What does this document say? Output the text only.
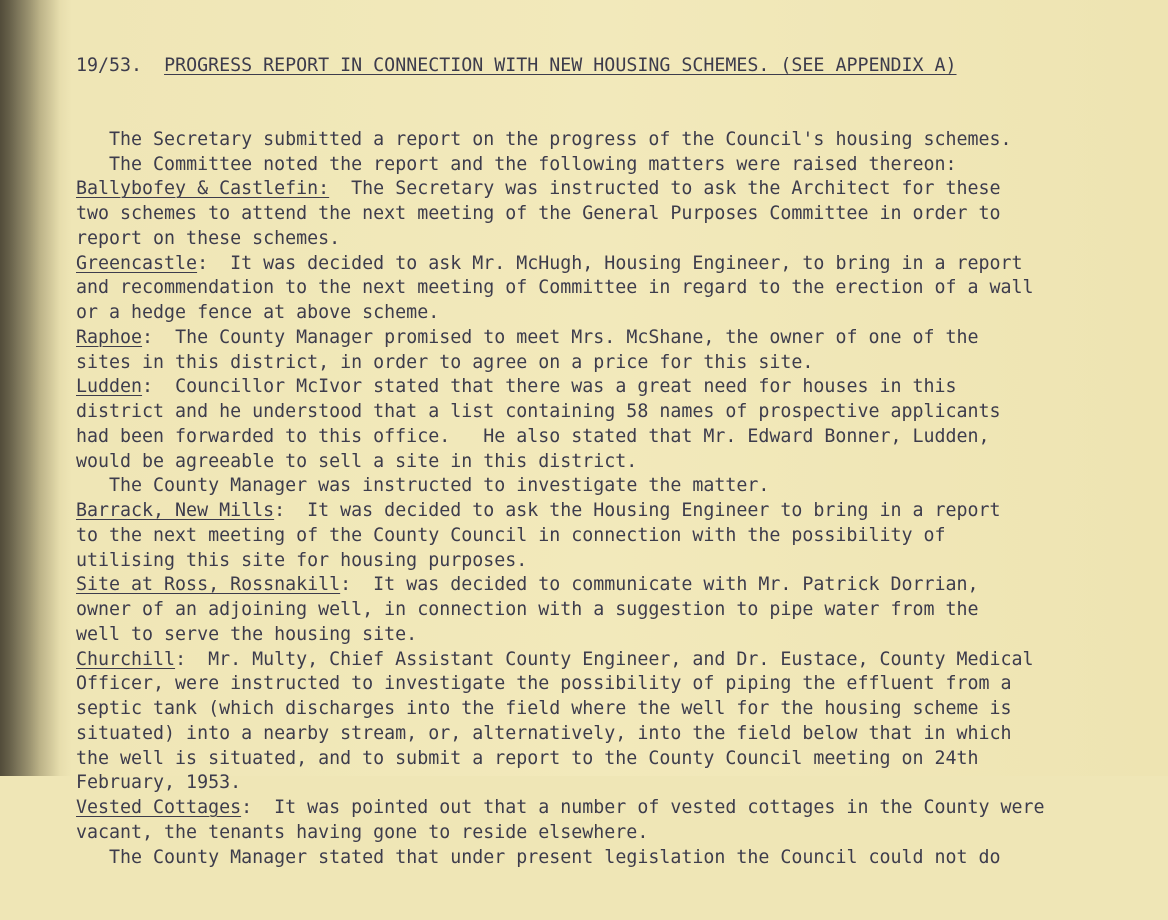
19/53. PROGRESS REPORT IN CONNECTION WITH NEW HOUSING SCHEMES. (SEE APPENDIX A)

The Secretary submitted a report on the progress of the Council's housing schemes.
The Committee noted the report and the following matters were raised thereon:
Ballybofey & Castlefin:  The Secretary was instructed to ask the Architect for these
two schemes to attend the next meeting of the General Purposes Committee in order to
report on these schemes.
Greencastle:  It was decided to ask Mr. McHugh, Housing Engineer, to bring in a report
and recommendation to the next meeting of Committee in regard to the erection of a wall
or a hedge fence at above scheme.
Raphoe:  The County Manager promised to meet Mrs. McShane, the owner of one of the
sites in this district, in order to agree on a price for this site.
Ludden:  Councillor McIvor stated that there was a great need for houses in this
district and he understood that a list containing 58 names of prospective applicants
had been forwarded to this office.   He also stated that Mr. Edward Bonner, Ludden,
would be agreeable to sell a site in this district.
The County Manager was instructed to investigate the matter.
Barrack, New Mills:  It was decided to ask the Housing Engineer to bring in a report
to the next meeting of the County Council in connection with the possibility of
utilising this site for housing purposes.
Site at Ross, Rossnakill:  It was decided to communicate with Mr. Patrick Dorrian,
owner of an adjoining well, in connection with a suggestion to pipe water from the
well to serve the housing site.
Churchill:  Mr. Multy, Chief Assistant County Engineer, and Dr. Eustace, County Medical
Officer, were instructed to investigate the possibility of piping the effluent from a
septic tank (which discharges into the field where the well for the housing scheme is
situated) into a nearby stream, or, alternatively, into the field below that in which
the well is situated, and to submit a report to the County Council meeting on 24th
February, 1953.
Vested Cottages:  It was pointed out that a number of vested cottages in the County were
vacant, the tenants having gone to reside elsewhere.
The County Manager stated that under present legislation the Council could not do
